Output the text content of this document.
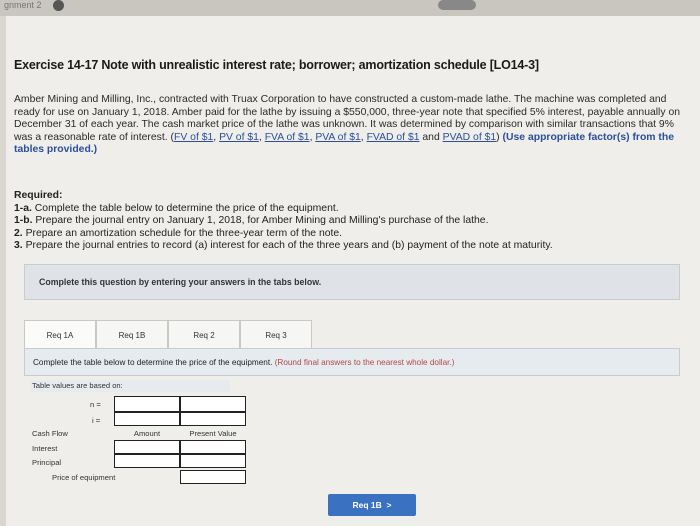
gnment 2
Exercise 14-17 Note with unrealistic interest rate; borrower; amortization schedule [LO14-3]
Amber Mining and Milling, Inc., contracted with Truax Corporation to have constructed a custom-made lathe. The machine was completed and ready for use on January 1, 2018. Amber paid for the lathe by issuing a $550,000, three-year note that specified 5% interest, payable annually on December 31 of each year. The cash market price of the lathe was unknown. It was determined by comparison with similar transactions that 9% was a reasonable rate of interest. (FV of $1, PV of $1, FVA of $1, PVA of $1, FVAD of $1 and PVAD of $1) (Use appropriate factor(s) from the tables provided.)
Required:
1-a. Complete the table below to determine the price of the equipment.
1-b. Prepare the journal entry on January 1, 2018, for Amber Mining and Milling's purchase of the lathe.
2. Prepare an amortization schedule for the three-year term of the note.
3. Prepare the journal entries to record (a) interest for each of the three years and (b) payment of the note at maturity.
Complete this question by entering your answers in the tabs below.
Req 1A	Req 1B	Req 2	Req 3
Complete the table below to determine the price of the equipment. (Round final answers to the nearest whole dollar.)
Table values are based on:
n =
i =
Cash Flow	Amount	Present Value
Interest
Principal
Price of equipment
Req 1B >
